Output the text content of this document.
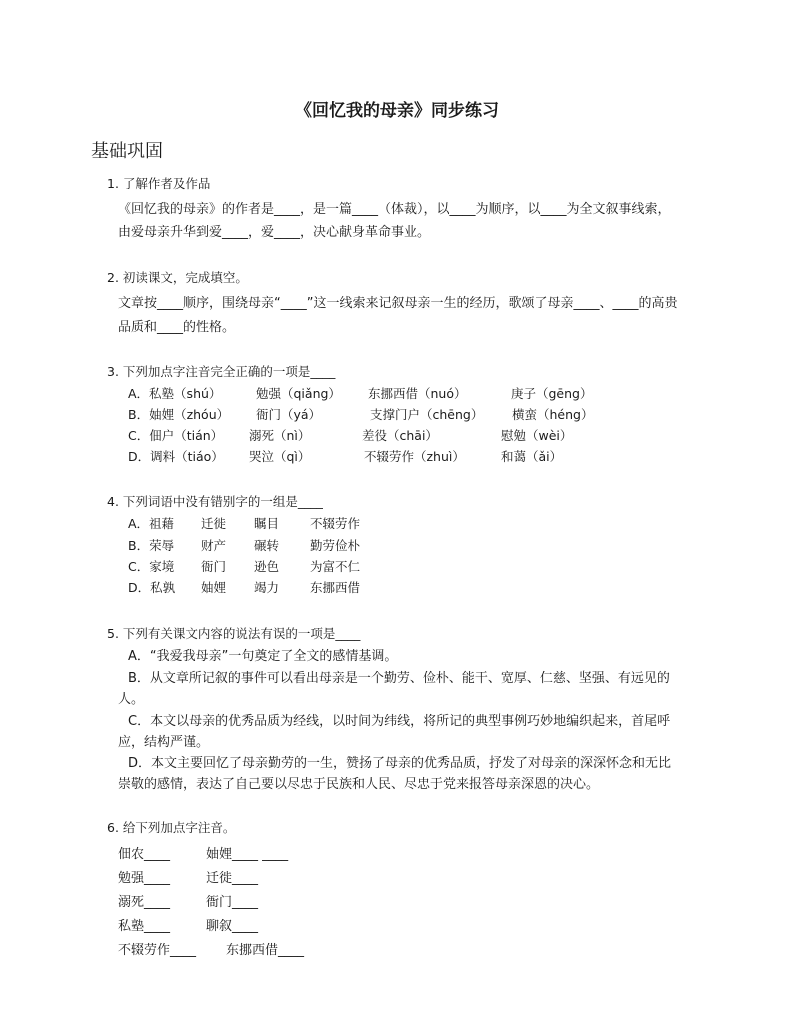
《回忆我的母亲》同步练习
基础巩固
1. 了解作者及作品
《回忆我的母亲》的作者是____，是一篇____（体裁），以____为顺序，以____为全文叙事线索，
由爱母亲升华到爱____，爱____，决心献身革命事业。
2. 初读课文，完成填空。
文章按____顺序，围绕母亲“____”这一线索来记叙母亲一生的经历，歌颂了母亲____、____的高贵
品质和____的性格。
3. 下列加点字注音完全正确的一项是____
A．私塾（shú）	勉强（qiǎng） 东挪西借（nuó）	庚子（gēng）
B．妯娌（zhóu） 衙门（yá）	支撑门户（chēng） 横蛮（héng）
C．佃户（tián） 溺死（nì）	差役（chāi）	慰勉（wèi）
D．调料（tiáo） 哭泣（qì）	不辍劳作（zhuì）	和蔼（ǎi）
4. 下列词语中没有错别字的一组是____
A．祖藉 迁徙 瞩目 不辍劳作
B．荣辱 财产 碾转 勤劳俭朴
C．家境 衙门 逊色 为富不仁
D．私孰 妯娌 竭力 东挪西借
5. 下列有关课文内容的说法有误的一项是____
A．“我爱我母亲”一句奠定了全文的感情基调。
B．从文章所记叙的事件可以看出母亲是一个勤劳、俭朴、能干、宽厚、仁慈、坚强、有远见的
人。
C．本文以母亲的优秀品质为经线，以时间为纬线，将所记的典型事例巧妙地编织起来，首尾呼
应，结构严谨。
D．本文主要回忆了母亲勤劳的一生，赞扬了母亲的优秀品质，抒发了对母亲的深深怀念和无比
崇敬的感情，表达了自己要以尽忠于民族和人民、尽忠于党来报答母亲深恩的决心。
6. 给下列加点字注音。
佃农____	妯娌____ ____
勉强____	迁徙____
溺死____	衙门____
私塾____	聊叙____
不辍劳作____ 东挪西借____
